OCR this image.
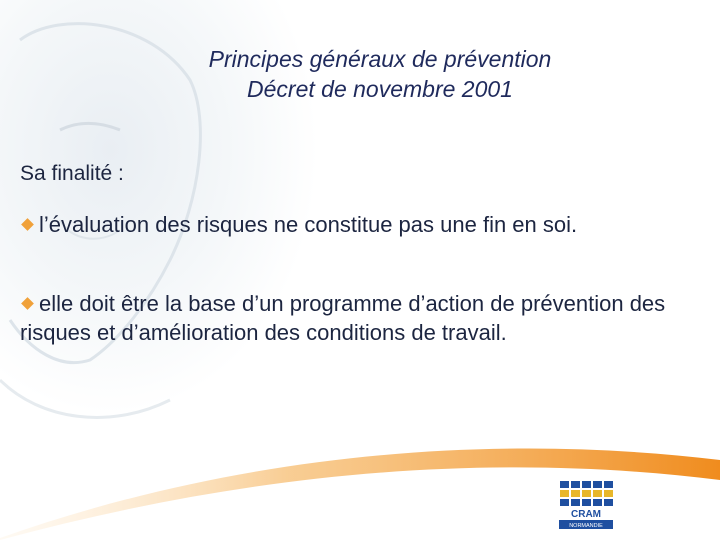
Principes généraux de prévention
Décret de novembre 2001
Sa finalité :
l’évaluation des risques ne constitue pas une fin en soi.
elle doit être la base d’un programme d’action de prévention des risques et d’amélioration des conditions de travail.
CRAM
NORMANDIE
